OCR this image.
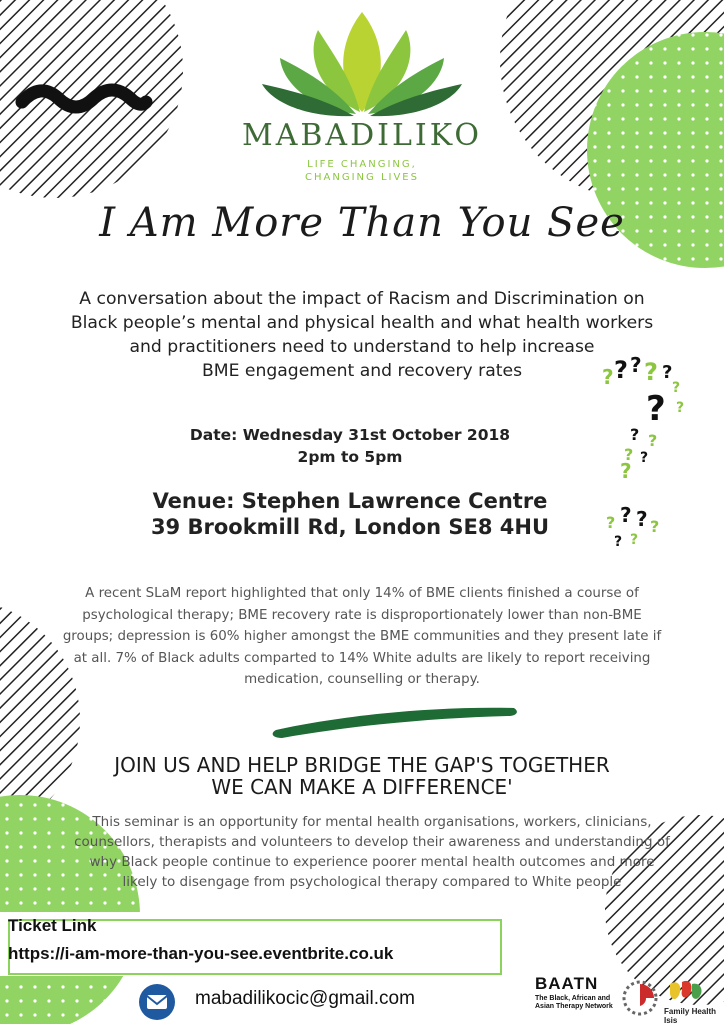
? ? ? ? ?
?
? ?
? ?
? ?
?
? ? ? ?
? ?
MABADILIKO
LIFE CHANGING,
CHANGING LIVES
I Am More Than You See
A conversation about the impact of Racism and Discrimination on
Black people’s mental and physical health and what health workers
and practitioners need to understand to help increase
BME engagement and recovery rates
Date: Wednesday 31st October 2018
2pm to 5pm
Venue: Stephen Lawrence Centre
39 Brookmill Rd, London SE8 4HU
A recent SLaM report highlighted that only 14% of BME clients finished a course of
psychological therapy; BME recovery rate is disproportionately lower than non-BME
groups; depression is 60% higher amongst the BME communities and they present late if
at all. 7% of Black adults comparted to 14% White adults are likely to report receiving
medication, counselling or therapy.
JOIN US AND HELP BRIDGE THE GAP'S TOGETHER
WE CAN MAKE A DIFFERENCE'
This seminar is an opportunity for mental health organisations, workers, clinicians,
counsellors, therapists and volunteers to develop their awareness and understanding of
why Black people continue to experience poorer mental health outcomes and more
likely to disengage from psychological therapy compared to White people
Ticket Link
https://i-am-more-than-you-see.eventbrite.co.uk
mabadilikocic@gmail.com
BAATN
The Black, African and
Asian Therapy Network
Family Health Isis
